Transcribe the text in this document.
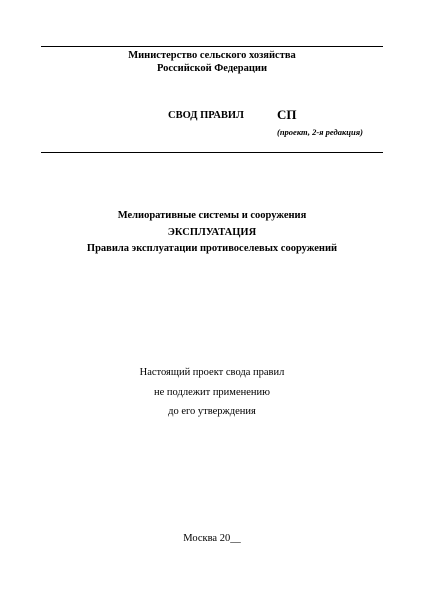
Министерство сельского хозяйства
Российской Федерации
СВОД ПРАВИЛ	СП
(проект, 2-я редакция)
Мелиоративные системы и сооружения
ЭКСПЛУАТАЦИЯ
Правила эксплуатации противоселевых сооружений
Настоящий проект свода правил
не подлежит применению
до его утверждения
Москва 20__
